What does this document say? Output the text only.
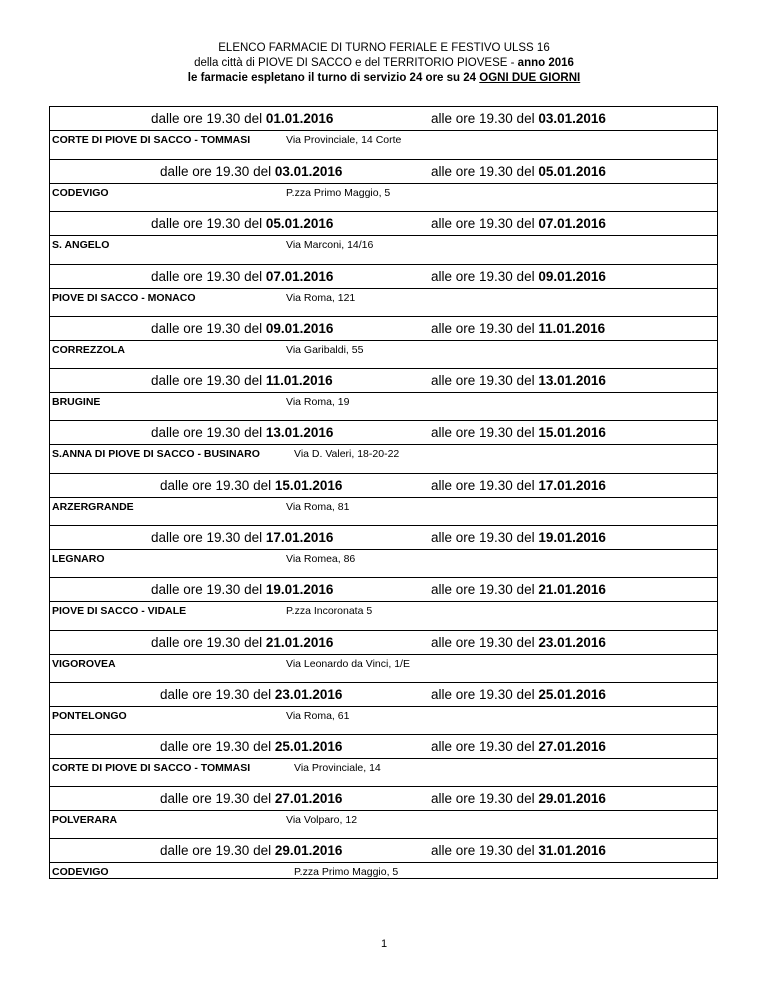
ELENCO FARMACIE DI TURNO FERIALE E FESTIVO ULSS 16
della città di PIOVE DI SACCO e del TERRITORIO PIOVESE - anno 2016
le farmacie espletano il turno di servizio 24 ore su 24 OGNI DUE GIORNI
dalle ore 19.30 del 01.01.2016	alle ore 19.30 del 03.01.2016
CORTE DI PIOVE DI SACCO - TOMMASI	Via Provinciale, 14 Corte
dalle ore 19.30 del 03.01.2016	alle ore 19.30 del 05.01.2016
CODEVIGO	P.zza Primo Maggio, 5
dalle ore 19.30 del 05.01.2016	alle ore 19.30 del 07.01.2016
S. ANGELO	Via Marconi, 14/16
dalle ore 19.30 del 07.01.2016	alle ore 19.30 del 09.01.2016
PIOVE DI SACCO - MONACO	Via Roma, 121
dalle ore 19.30 del 09.01.2016	alle ore 19.30 del 11.01.2016
CORREZZOLA	Via Garibaldi, 55
dalle ore 19.30 del 11.01.2016	alle ore 19.30 del 13.01.2016
BRUGINE	Via Roma, 19
dalle ore 19.30 del 13.01.2016	alle ore 19.30 del 15.01.2016
S.ANNA DI PIOVE DI SACCO - BUSINARO	Via D. Valeri, 18-20-22
dalle ore 19.30 del 15.01.2016	alle ore 19.30 del 17.01.2016
ARZERGRANDE	Via Roma, 81
dalle ore 19.30 del 17.01.2016	alle ore 19.30 del 19.01.2016
LEGNARO	Via Romea, 86
dalle ore 19.30 del 19.01.2016	alle ore 19.30 del 21.01.2016
PIOVE DI SACCO - VIDALE	P.zza Incoronata 5
dalle ore 19.30 del 21.01.2016	alle ore 19.30 del 23.01.2016
VIGOROVEA	Via Leonardo da Vinci, 1/E
dalle ore 19.30 del 23.01.2016	alle ore 19.30 del 25.01.2016
PONTELONGO	Via Roma, 61
dalle ore 19.30 del 25.01.2016	alle ore 19.30 del 27.01.2016
CORTE DI PIOVE DI SACCO - TOMMASI	Via Provinciale, 14
dalle ore 19.30 del 27.01.2016	alle ore 19.30 del 29.01.2016
POLVERARA	Via Volparo, 12
dalle ore 19.30 del 29.01.2016	alle ore 19.30 del 31.01.2016
CODEVIGO	P.zza Primo Maggio, 5
1
